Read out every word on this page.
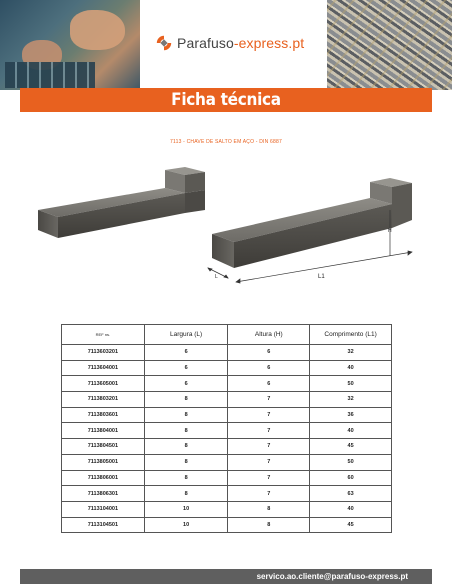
Parafuso-express.pt
Ficha técnica
7113 - CHAVE DE SALTO EM AÇO - DIN 6887
L	L1
H
REF ns.	Largura (L)	Altura (H)	Comprimento (L1)
7113603201	6	6	32
7113604001	6	6	40
7113605001	6	6	50
7113803201	8	7	32
7113803601	8	7	36
7113804001	8	7	40
7113804501	8	7	45
7113805001	8	7	50
7113806001	8	7	60
7113806301	8	7	63
7113104001	10	8	40
7113104501	10	8	45
servico.ao.cliente@parafuso-express.pt
